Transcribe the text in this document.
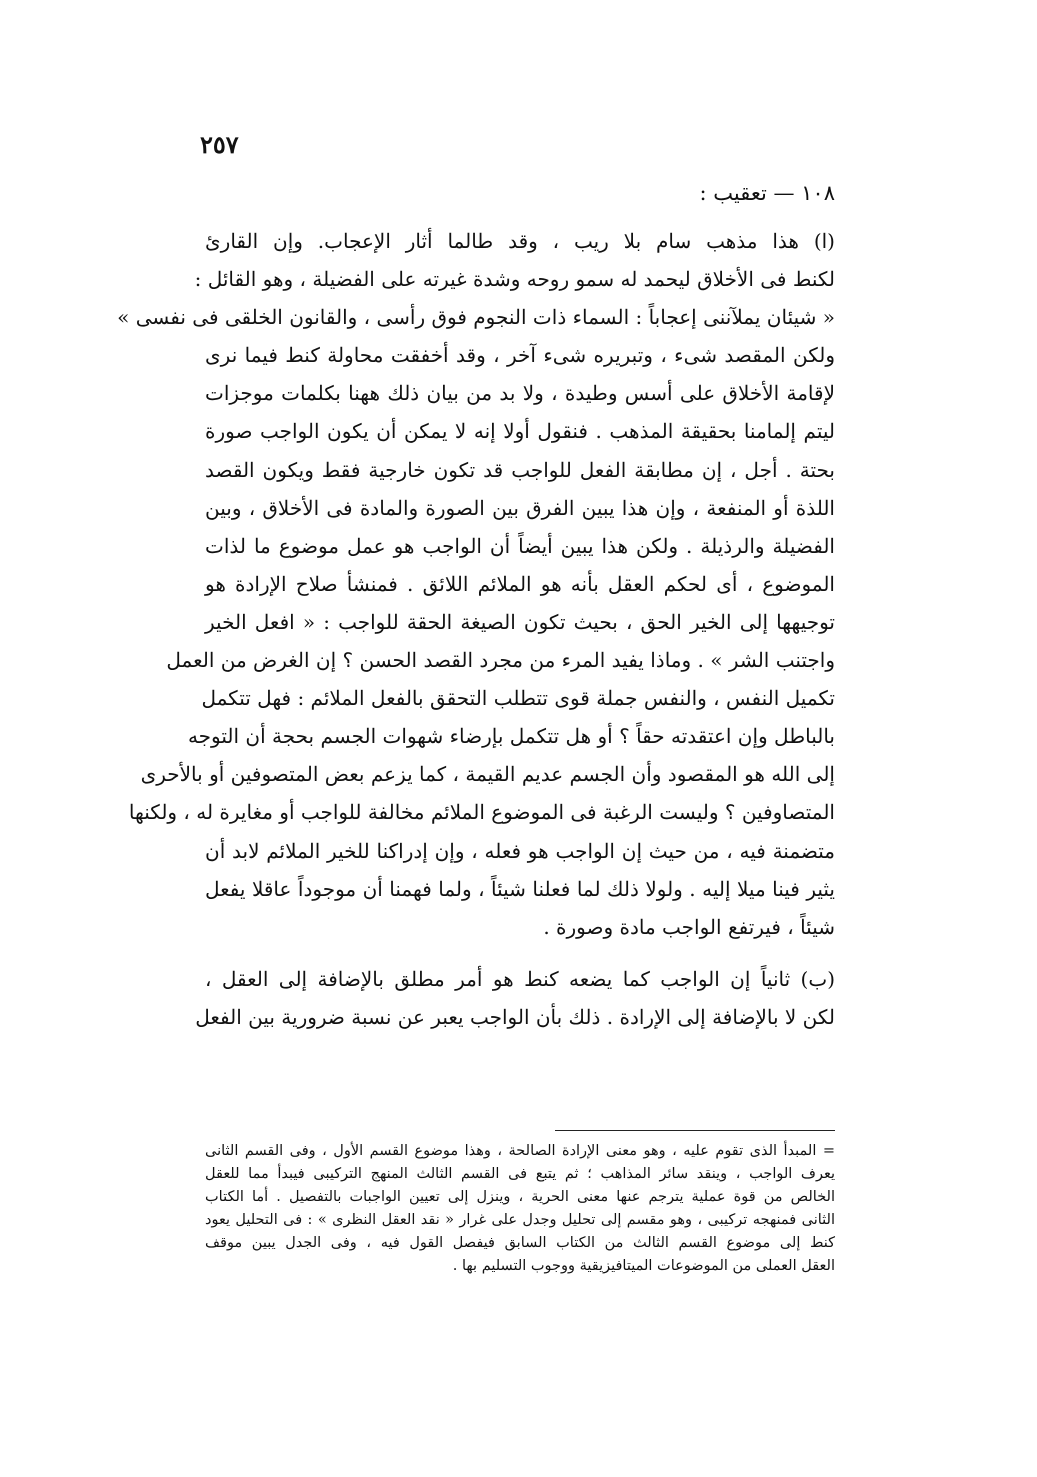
٢٥٧
١٠٨ — تعقيب :
(ا) هذا مذهب سام بلا ريب ، وقد طالما أثار الإعجاب. وإن القارئ
لكنط فى الأخلاق ليحمد له سمو روحه وشدة غيرته على الفضيلة ، وهو القائل :
« شيئان يملآننى إعجاباً : السماء ذات النجوم فوق رأسى ، والقانون الخلقى فى نفسى »
ولكن المقصد شىء ، وتبريره شىء آخر ، وقد أخفقت محاولة كنط فيما نرى
لإقامة الأخلاق على أسس وطيدة ، ولا بد من بيان ذلك ههنا بكلمات موجزات
ليتم إلمامنا بحقيقة المذهب . فنقول أولا إنه لا يمكن أن يكون الواجب صورة
بحتة . أجل ، إن مطابقة الفعل للواجب قد تكون خارجية فقط ويكون القصد
اللذة أو المنفعة ، وإن هذا يبين الفرق بين الصورة والمادة فى الأخلاق ، وبين
الفضيلة والرذيلة . ولكن هذا يبين أيضاً أن الواجب هو عمل موضوع ما لذات
الموضوع ، أى لحكم العقل بأنه هو الملائم اللائق . فمنشأ صلاح الإرادة هو
توجيهها إلى الخير الحق ، بحيث تكون الصيغة الحقة للواجب : « افعل الخير
واجتنب الشر » . وماذا يفيد المرء من مجرد القصد الحسن ؟ إن الغرض من العمل
تكميل النفس ، والنفس جملة قوى تتطلب التحقق بالفعل الملائم : فهل تتكمل
بالباطل وإن اعتقدته حقاً ؟ أو هل تتكمل بإرضاء شهوات الجسم بحجة أن التوجه
إلى الله هو المقصود وأن الجسم عديم القيمة ، كما يزعم بعض المتصوفين أو بالأحرى
المتصاوفين ؟ وليست الرغبة فى الموضوع الملائم مخالفة للواجب أو مغايرة له ، ولكنها
متضمنة فيه ، من حيث إن الواجب هو فعله ، وإن إدراكنا للخير الملائم لابد أن
يثير فينا ميلا إليه . ولولا ذلك لما فعلنا شيئاً ، ولما فهمنا أن موجوداً عاقلا يفعل
شيئاً ، فيرتفع الواجب مادة وصورة .
(ب) ثانياً إن الواجب كما يضعه كنط هو أمر مطلق بالإضافة إلى العقل ،
لكن لا بالإضافة إلى الإرادة . ذلك بأن الواجب يعبر عن نسبة ضرورية بين الفعل
= المبدأ الذى تقوم عليه ، وهو معنى الإرادة الصالحة ، وهذا موضوع القسم الأول ، وفى القسم الثانى
يعرف الواجب ، وينقد سائر المذاهب ؛ ثم يتبع فى القسم الثالث المنهج التركيبى فيبدأ مما للعقل
الخالص من قوة عملية يترجم عنها معنى الحرية ، وينزل إلى تعيين الواجبات بالتفصيل . أما الكتاب
الثانى فمنهجه تركيبى ، وهو مقسم إلى تحليل وجدل على غرار « نقد العقل النظرى » : فى التحليل يعود
كنط إلى موضوع القسم الثالث من الكتاب السابق فيفصل القول فيه ، وفى الجدل يبين موقف
العقل العملى من الموضوعات الميتافيزيقية ووجوب التسليم بها .
